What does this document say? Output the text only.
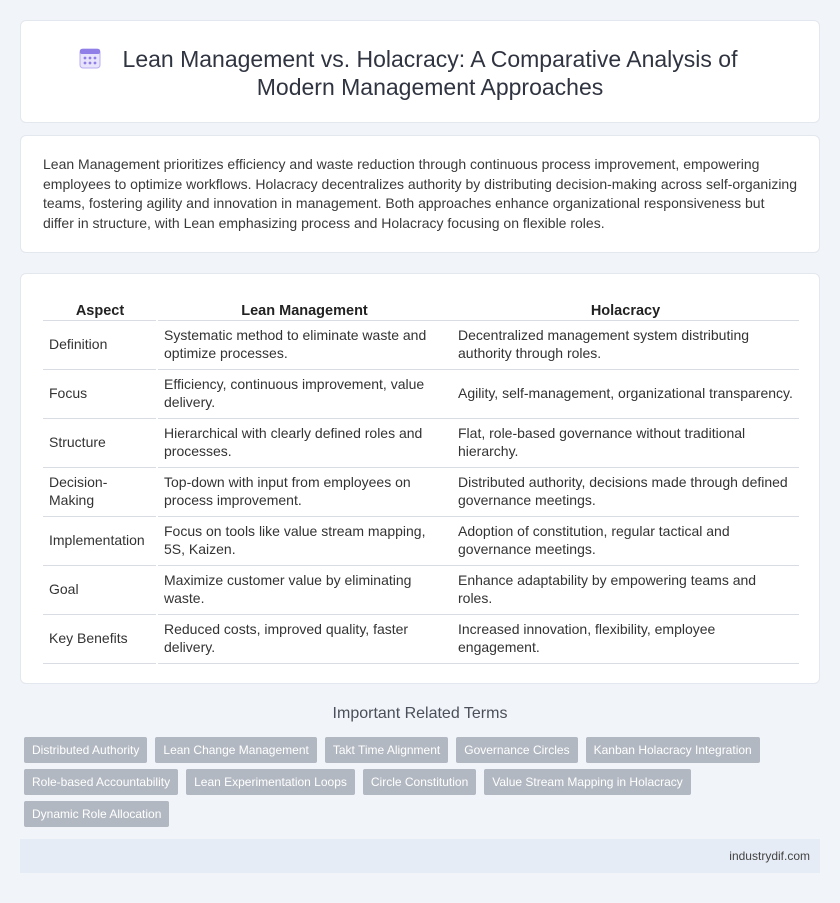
Lean Management vs. Holacracy: A Comparative Analysis of Modern Management Approaches

Lean Management prioritizes efficiency and waste reduction through continuous process improvement, empowering employees to optimize workflows. Holacracy decentralizes authority by distributing decision-making across self-organizing teams, fostering agility and innovation in management. Both approaches enhance organizational responsiveness but differ in structure, with Lean emphasizing process and Holacracy focusing on flexible roles.

Aspect	Lean Management	Holacracy
Definition	Systematic method to eliminate waste and optimize processes.	Decentralized management system distributing authority through roles.
Focus	Efficiency, continuous improvement, value delivery.	Agility, self-management, organizational transparency.
Structure	Hierarchical with clearly defined roles and processes.	Flat, role-based governance without traditional hierarchy.
Decision-Making	Top-down with input from employees on process improvement.	Distributed authority, decisions made through defined governance meetings.
Implementation	Focus on tools like value stream mapping, 5S, Kaizen.	Adoption of constitution, regular tactical and governance meetings.
Goal	Maximize customer value by eliminating waste.	Enhance adaptability by empowering teams and roles.
Key Benefits	Reduced costs, improved quality, faster delivery.	Increased innovation, flexibility, employee engagement.
Important Related Terms
Distributed Authority	Lean Change Management	Takt Time Alignment	Governance Circles	Kanban Holacracy Integration
Role-based Accountability	Lean Experimentation Loops	Circle Constitution	Value Stream Mapping in Holacracy
Dynamic Role Allocation
industrydif.com
